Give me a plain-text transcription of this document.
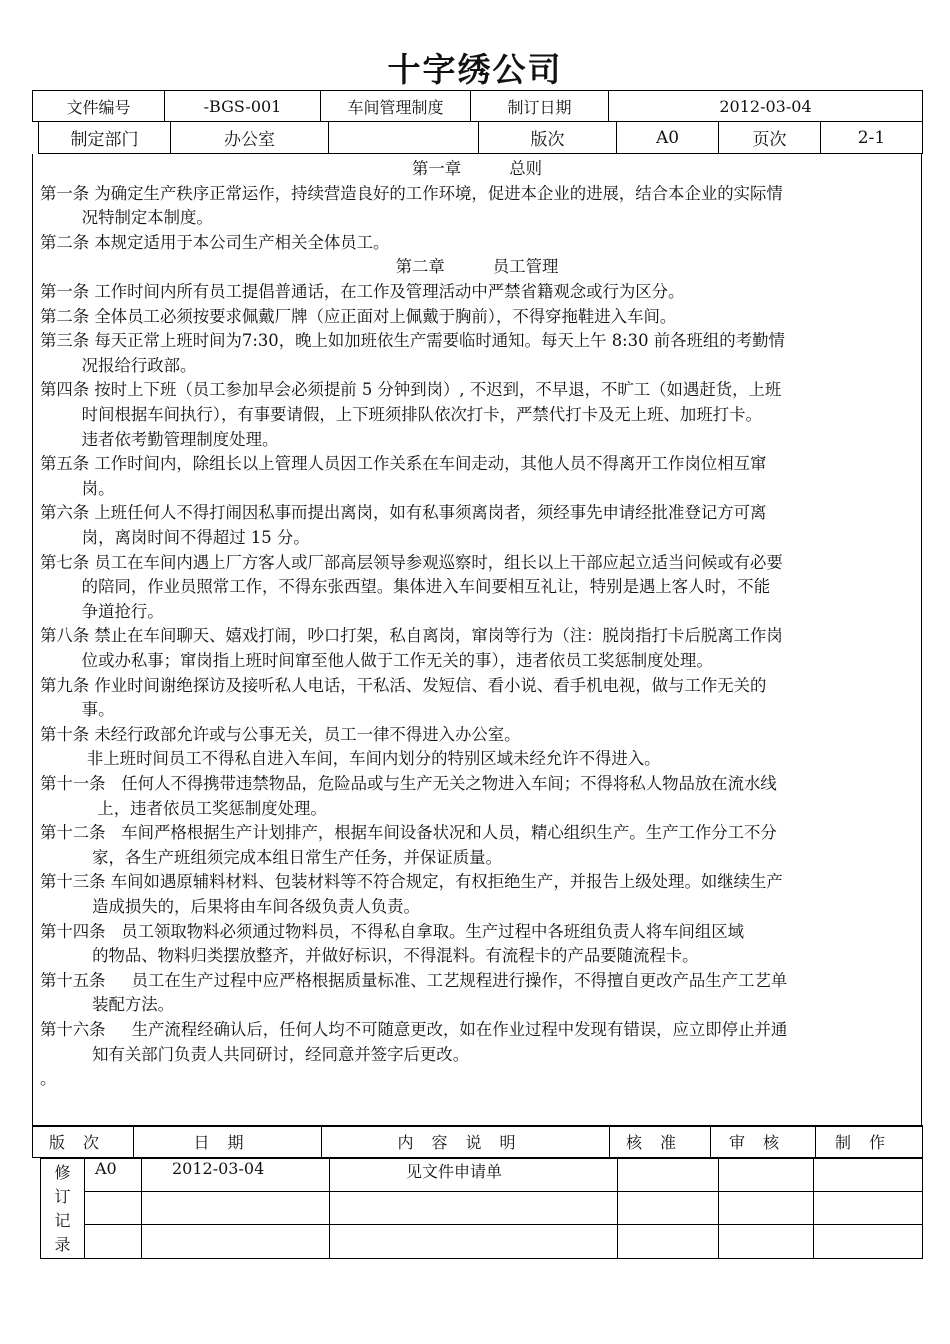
十字绣公司
文件编号	-BGS-001	车间管理制度	制订日期	2012-03-04
制定部门	办公室		版次	A0	页次	2-1
第一章	总则
第一条 为确定生产秩序正常运作，持续营造良好的工作环境，促进本企业的进展，结合本企业的实际情
况特制定本制度。
第二条 本规定适用于本公司生产相关全体员工。
第二章	员工管理
第一条 工作时间内所有员工提倡普通话，在工作及管理活动中严禁省籍观念或行为区分。
第二条 全体员工必须按要求佩戴厂牌（应正面对上佩戴于胸前），不得穿拖鞋进入车间。
第三条 每天正常上班时间为7:30，晚上如加班依生产需要临时通知。每天上午 8:30 前各班组的考勤情
况报给行政部。
第四条 按时上下班（员工参加早会必须提前 5 分钟到岗）, 不迟到，不早退，不旷工（如遇赶货，上班
时间根据车间执行），有事要请假，上下班须排队依次打卡，严禁代打卡及无上班、加班打卡。
违者依考勤管理制度处理。
第五条 工作时间内，除组长以上管理人员因工作关系在车间走动，其他人员不得离开工作岗位相互窜
岗。
第六条 上班任何人不得打闹因私事而提出离岗，如有私事须离岗者，须经事先申请经批准登记方可离
岗，离岗时间不得超过 15 分。
第七条 员工在车间内遇上厂方客人或厂部高层领导参观巡察时，组长以上干部应起立适当问候或有必要
的陪同，作业员照常工作，不得东张西望。集体进入车间要相互礼让，特别是遇上客人时，不能
争道抢行。
第八条 禁止在车间聊天、嬉戏打闹，吵口打架，私自离岗，窜岗等行为（注：脱岗指打卡后脱离工作岗
位或办私事；窜岗指上班时间窜至他人做于工作无关的事），违者依员工奖惩制度处理。
第九条 作业时间谢绝探访及接听私人电话，干私活、发短信、看小说、看手机电视，做与工作无关的
事。
第十条 未经行政部允许或与公事无关，员工一律不得进入办公室。
非上班时间员工不得私自进入车间，车间内划分的特别区域未经允许不得进入。
第十一条   任何人不得携带违禁物品，危险品或与生产无关之物进入车间；不得将私人物品放在流水线
上，违者依员工奖惩制度处理。
第十二条   车间严格根据生产计划排产，根据车间设备状况和人员，精心组织生产。生产工作分工不分
家，各生产班组须完成本组日常生产任务，并保证质量。
第十三条 车间如遇原辅料材料、包装材料等不符合规定，有权拒绝生产，并报告上级处理。如继续生产
造成损失的，后果将由车间各级负责人负责。
第十四条   员工领取物料必须通过物料员，不得私自拿取。生产过程中各班组负责人将车间组区域
的物品、物料归类摆放整齐，并做好标识，不得混料。有流程卡的产品要随流程卡。
第十五条     员工在生产过程中应严格根据质量标准、工艺规程进行操作，不得擅自更改产品生产工艺单
装配方法。
第十六条     生产流程经确认后，任何人均不可随意更改，如在作业过程中发现有错误，应立即停止并通
知有关部门负责人共同研讨，经同意并签字后更改。
。
版次	日期	内容说明	核准	审核	制作
修
订
记
录	A0	2012-03-04	见文件申请单			
